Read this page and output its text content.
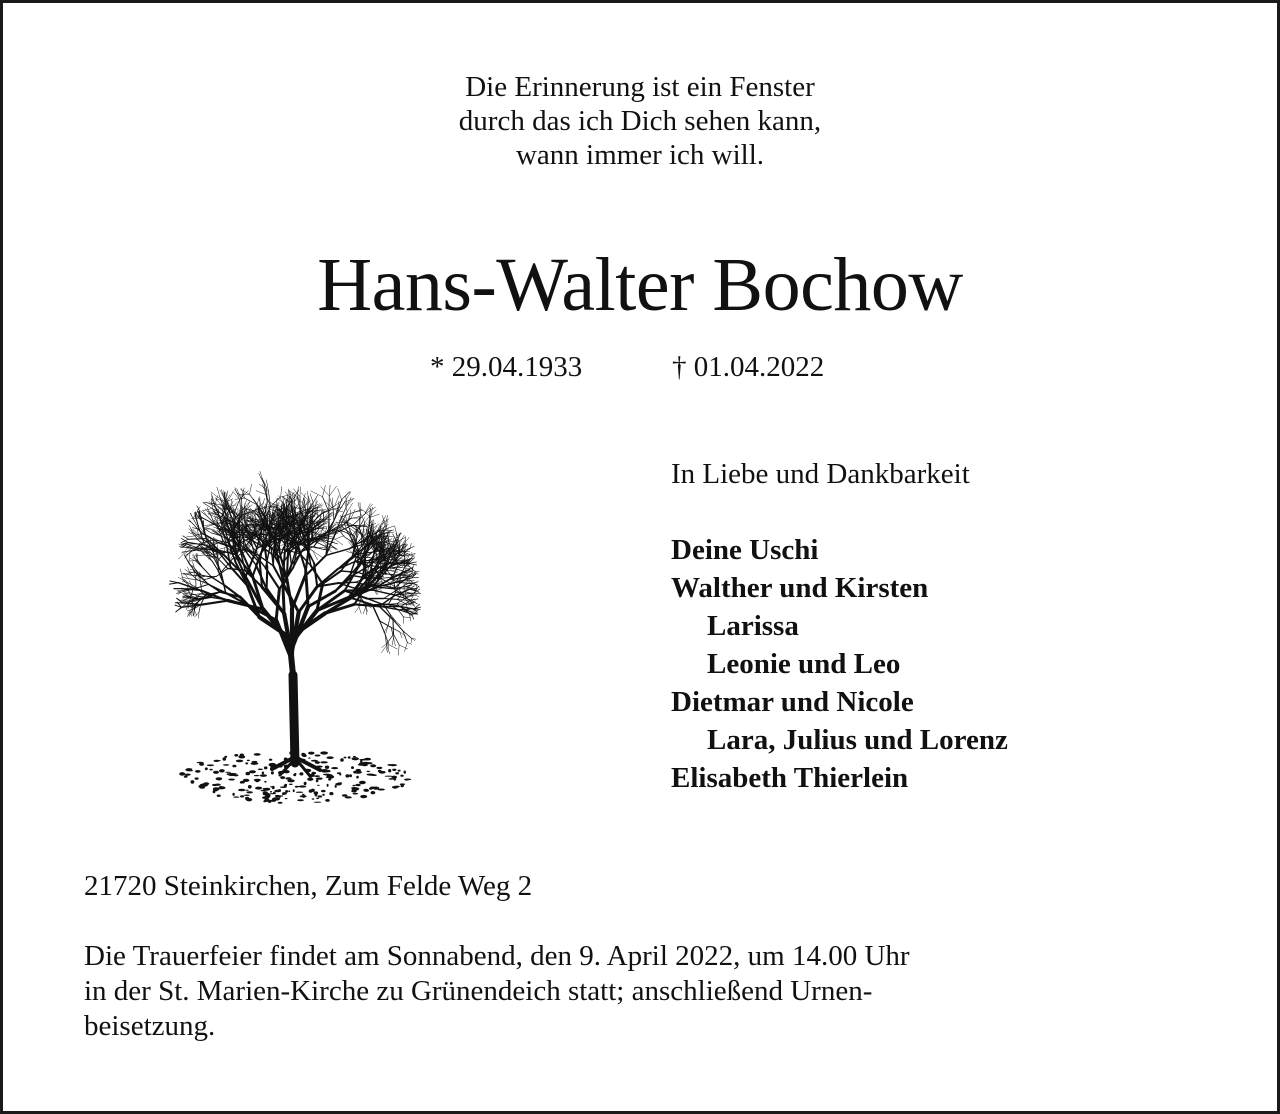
Die Erinnerung ist ein Fenster
durch das ich Dich sehen kann,
wann immer ich will.
Hans-Walter Bochow
* 29.04.1933	† 01.04.2022
In Liebe und Dankbarkeit
Deine Uschi
Walther und Kirsten
Larissa
Leonie und Leo
Dietmar und Nicole
Lara, Julius und Lorenz
Elisabeth Thierlein
21720 Steinkirchen, Zum Felde Weg 2
Die Trauerfeier findet am Sonnabend, den 9. April 2022, um 14.00 Uhr
in der St. Marien-Kirche zu Grünendeich statt; anschließend Urnen-
beisetzung.
